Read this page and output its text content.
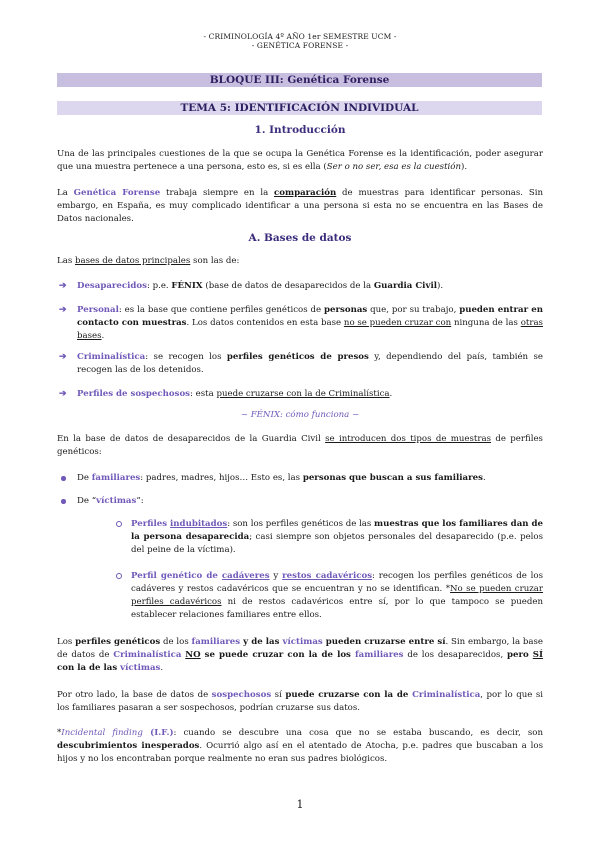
- CRIMINOLOGÍA 4º AÑO 1er SEMESTRE UCM -
- GENÉTICA FORENSE -
BLOQUE III: Genética Forense
TEMA 5: IDENTIFICACIÓN INDIVIDUAL
1. Introducción
Una de las principales cuestiones de la que se ocupa la Genética Forense es la identificación, poder asegurar que una muestra pertenece a una persona, esto es, si es ella (Ser o no ser, esa es la cuestión).
La Genética Forense trabaja siempre en la comparación de muestras para identificar personas. Sin embargo, en España, es muy complicado identificar a una persona si esta no se encuentra en las Bases de Datos nacionales.
A. Bases de datos
Las bases de datos principales son las de:
➔ Desaparecidos: p.e. FÉNIX (base de datos de desaparecidos de la Guardia Civil).
➔ Personal: es la base que contiene perfiles genéticos de personas que, por su trabajo, pueden entrar en contacto con muestras. Los datos contenidos en esta base no se pueden cruzar con ninguna de las otras bases.
➔ Criminalística: se recogen los perfiles genéticos de presos y, dependiendo del país, también se recogen las de los detenidos.
➔ Perfiles de sospechosos: esta puede cruzarse con la de Criminalística.
~ FÉNIX: cómo funciona ~
En la base de datos de desaparecidos de la Guardia Civil se introducen dos tipos de muestras de perfiles genéticos:
De familiares: padres, madres, hijos… Esto es, las personas que buscan a sus familiares.
De “víctimas”:
Perfiles indubitados: son los perfiles genéticos de las muestras que los familiares dan de la persona desaparecida; casi siempre son objetos personales del desaparecido (p.e. pelos del peine de la víctima).
Perfil genético de cadáveres y restos cadavéricos: recogen los perfiles genéticos de los cadáveres y restos cadavéricos que se encuentran y no se identifican. *No se pueden cruzar perfiles cadavéricos ni de restos cadavéricos entre sí, por lo que tampoco se pueden establecer relaciones familiares entre ellos.
Los perfiles genéticos de los familiares y de las víctimas pueden cruzarse entre sí. Sin embargo, la base de datos de Criminalística NO se puede cruzar con la de los familiares de los desaparecidos, pero SÍ con la de las víctimas.
Por otro lado, la base de datos de sospechosos sí puede cruzarse con la de Criminalística, por lo que si los familiares pasaran a ser sospechosos, podrían cruzarse sus datos.
*Incidental finding (I.F.): cuando se descubre una cosa que no se estaba buscando, es decir, son descubrimientos inesperados. Ocurrió algo así en el atentado de Atocha, p.e. padres que buscaban a los hijos y no los encontraban porque realmente no eran sus padres biológicos.
1
